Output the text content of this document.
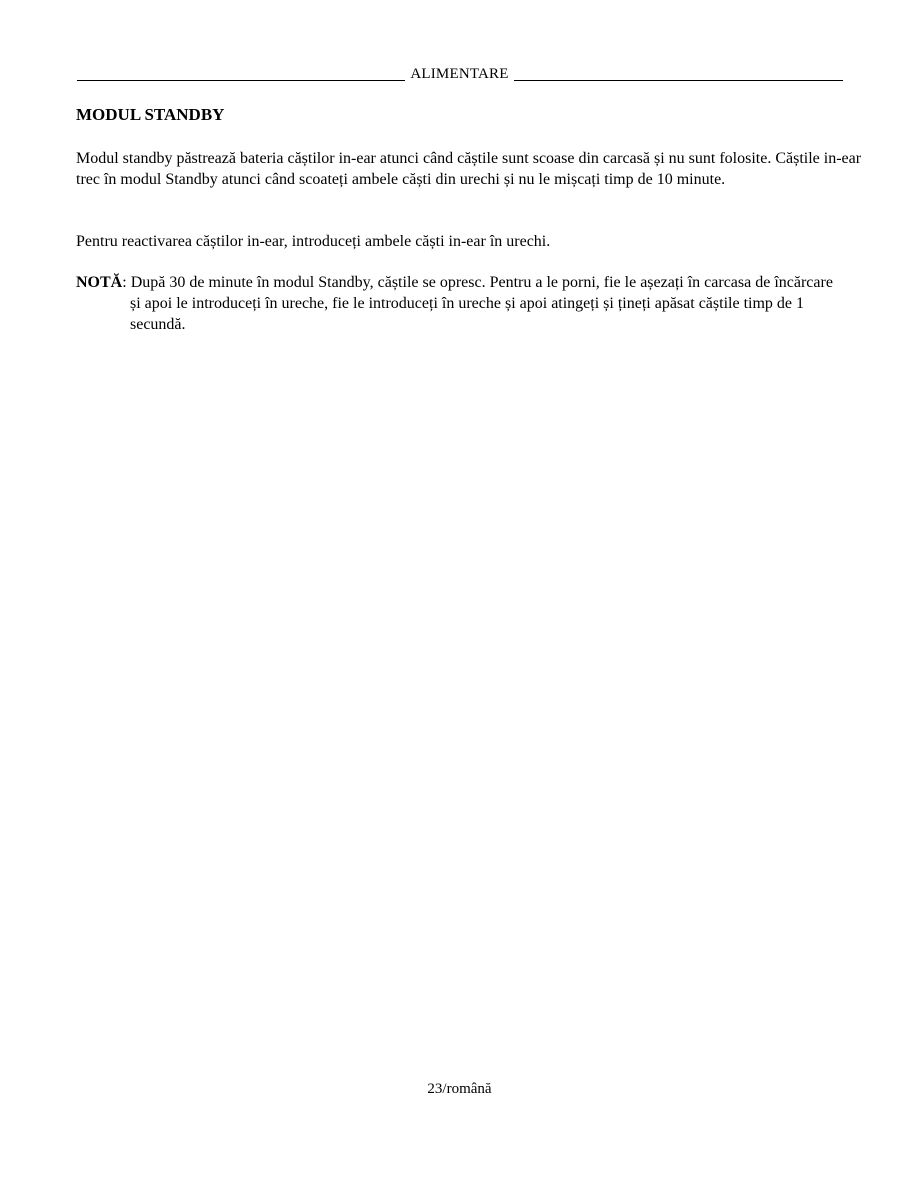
ALIMENTARE
MODUL STANDBY

Modul standby păstrează bateria căștilor in-ear atunci când căștile sunt scoase din carcasă și nu sunt folosite. Căștile in-ear trec în modul Standby atunci când scoateți ambele căști din urechi și nu le mișcați timp de 10 minute.

Pentru reactivarea căștilor in-ear, introduceți ambele căști in-ear în urechi.

NOTĂ: După 30 de minute în modul Standby, căștile se opresc. Pentru a le porni, fie le așezați în carcasa de încărcare și apoi le introduceți în ureche, fie le introduceți în ureche și apoi atingeți și țineți apăsat căștile timp de 1 secundă.

23/română
